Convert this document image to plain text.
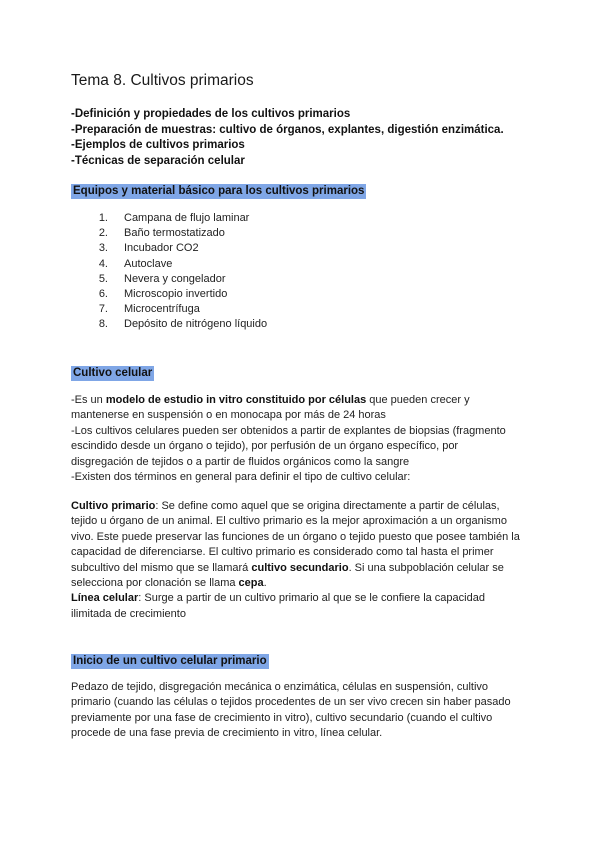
Tema 8. Cultivos primarios
-Definición y propiedades de los cultivos primarios
-Preparación de muestras: cultivo de órganos, explantes, digestión enzimática.
-Ejemplos de cultivos primarios
-Técnicas de separación celular
Equipos y material básico para los cultivos primarios
1. Campana de flujo laminar
2. Baño termostatizado
3. Incubador CO2
4. Autoclave
5. Nevera y congelador
6. Microscopio invertido
7. Microcentrífuga
8. Depósito de nitrógeno líquido
Cultivo celular
-Es un modelo de estudio in vitro constituido por células que pueden crecer y
mantenerse en suspensión o en monocapa por más de 24 horas
-Los cultivos celulares pueden ser obtenidos a partir de explantes de biopsias (fragmento
escindido desde un órgano o tejido), por perfusión de un órgano específico, por
disgregación de tejidos o a partir de fluidos orgánicos como la sangre
-Existen dos términos en general para definir el tipo de cultivo celular:
Cultivo primario: Se define como aquel que se origina directamente a partir de células,
tejido u órgano de un animal. El cultivo primario es la mejor aproximación a un organismo
vivo. Este puede preservar las funciones de un órgano o tejido puesto que posee también la
capacidad de diferenciarse. El cultivo primario es considerado como tal hasta el primer
subcultivo del mismo que se llamará cultivo secundario. Si una subpoblación celular se
selecciona por clonación se llama cepa.
Línea celular: Surge a partir de un cultivo primario al que se le confiere la capacidad
ilimitada de crecimiento
Inicio de un cultivo celular primario
Pedazo de tejido, disgregación mecánica o enzimática, células en suspensión, cultivo
primario (cuando las células o tejidos procedentes de un ser vivo crecen sin haber pasado
previamente por una fase de crecimiento in vitro), cultivo secundario (cuando el cultivo
procede de una fase previa de crecimiento in vitro, línea celular.
